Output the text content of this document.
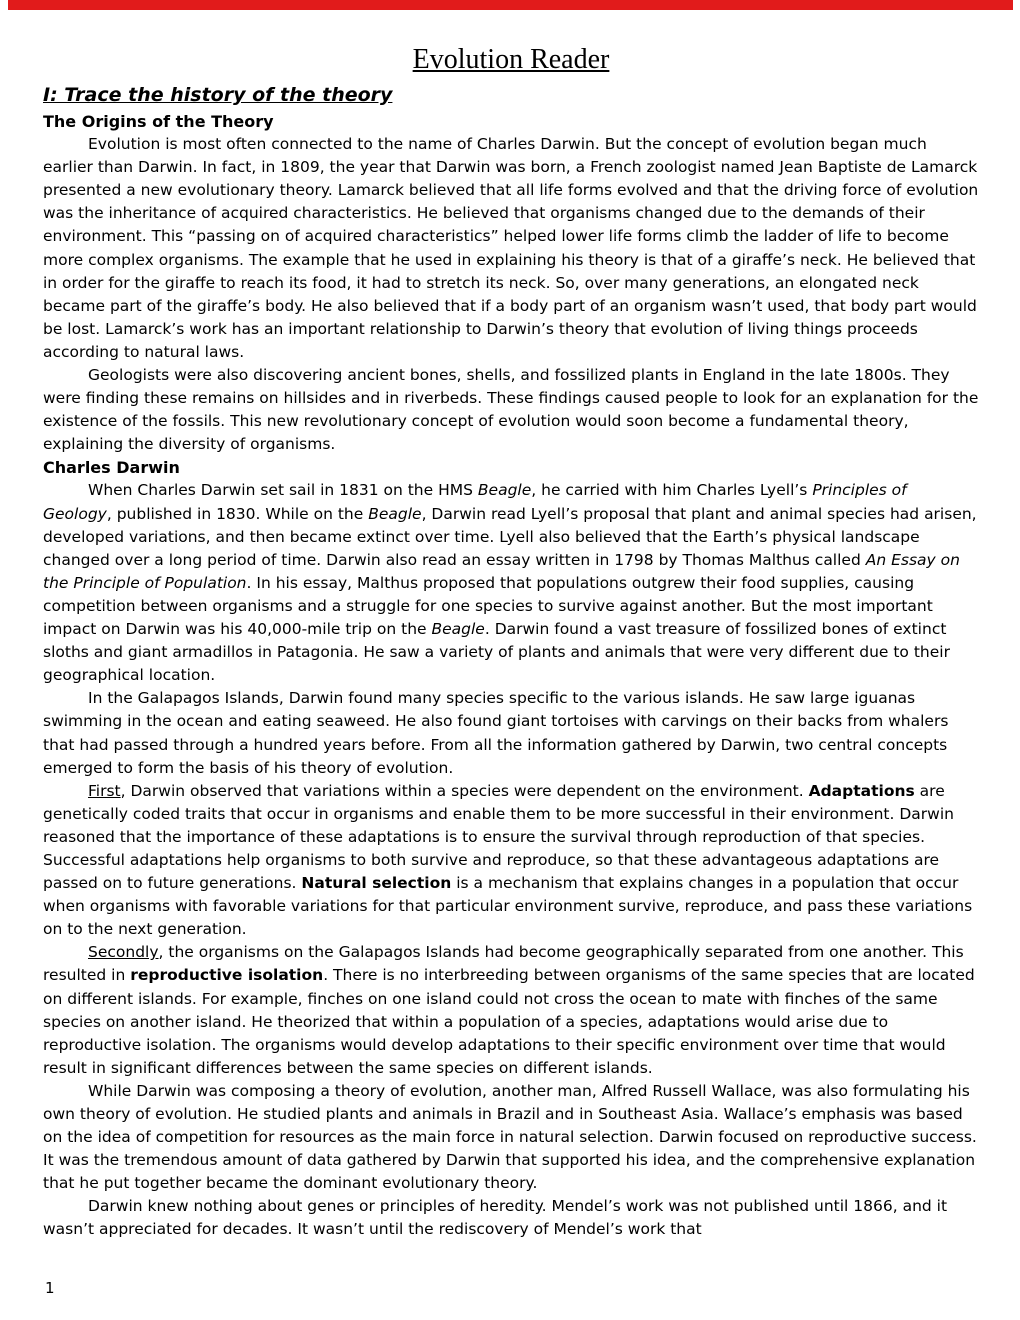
Evolution Reader
I: Trace the history of the theory
The Origins of the Theory

Evolution is most often connected to the name of Charles Darwin. But the concept of evolution began much earlier than Darwin. In fact, in 1809, the year that Darwin was born, a French zoologist named Jean Baptiste de Lamarck presented a new evolutionary theory. Lamarck believed that all life forms evolved and that the driving force of evolution was the inheritance of acquired characteristics. He believed that organisms changed due to the demands of their environment. This “passing on of acquired characteristics” helped lower life forms climb the ladder of life to become more complex organisms. The example that he used in explaining his theory is that of a giraffe’s neck. He believed that in order for the giraffe to reach its food, it had to stretch its neck. So, over many generations, an elongated neck became part of the giraffe’s body. He also believed that if a body part of an organism wasn’t used, that body part would be lost. Lamarck’s work has an important relationship to Darwin’s theory that evolution of living things proceeds according to natural laws.

Geologists were also discovering ancient bones, shells, and fossilized plants in England in the late 1800s. They were finding these remains on hillsides and in riverbeds. These findings caused people to look for an explanation for the existence of the fossils. This new revolutionary concept of evolution would soon become a fundamental theory, explaining the diversity of organisms.

Charles Darwin

When Charles Darwin set sail in 1831 on the HMS Beagle, he carried with him Charles Lyell’s Principles of Geology, published in 1830. While on the Beagle, Darwin read Lyell’s proposal that plant and animal species had arisen, developed variations, and then became extinct over time. Lyell also believed that the Earth’s physical landscape changed over a long period of time. Darwin also read an essay written in 1798 by Thomas Malthus called An Essay on the Principle of Population. In his essay, Malthus proposed that populations outgrew their food supplies, causing competition between organisms and a struggle for one species to survive against another. But the most important impact on Darwin was his 40,000-mile trip on the Beagle. Darwin found a vast treasure of fossilized bones of extinct sloths and giant armadillos in Patagonia. He saw a variety of plants and animals that were very different due to their geographical location.

In the Galapagos Islands, Darwin found many species specific to the various islands. He saw large iguanas swimming in the ocean and eating seaweed. He also found giant tortoises with carvings on their backs from whalers that had passed through a hundred years before. From all the information gathered by Darwin, two central concepts emerged to form the basis of his theory of evolution.

First, Darwin observed that variations within a species were dependent on the environment. Adaptations are genetically coded traits that occur in organisms and enable them to be more successful in their environment. Darwin reasoned that the importance of these adaptations is to ensure the survival through reproduction of that species. Successful adaptations help organisms to both survive and reproduce, so that these advantageous adaptations are passed on to future generations. Natural selection is a mechanism that explains changes in a population that occur when organisms with favorable variations for that particular environment survive, reproduce, and pass these variations on to the next generation.

Secondly, the organisms on the Galapagos Islands had become geographically separated from one another. This resulted in reproductive isolation. There is no interbreeding between organisms of the same species that are located on different islands. For example, finches on one island could not cross the ocean to mate with finches of the same species on another island. He theorized that within a population of a species, adaptations would arise due to reproductive isolation. The organisms would develop adaptations to their specific environment over time that would result in significant differences between the same species on different islands.

While Darwin was composing a theory of evolution, another man, Alfred Russell Wallace, was also formulating his own theory of evolution. He studied plants and animals in Brazil and in Southeast Asia. Wallace’s emphasis was based on the idea of competition for resources as the main force in natural selection. Darwin focused on reproductive success. It was the tremendous amount of data gathered by Darwin that supported his idea, and the comprehensive explanation that he put together became the dominant evolutionary theory.

Darwin knew nothing about genes or principles of heredity. Mendel’s work was not published until 1866, and it wasn’t appreciated for decades. It wasn’t until the rediscovery of Mendel’s work that

1
